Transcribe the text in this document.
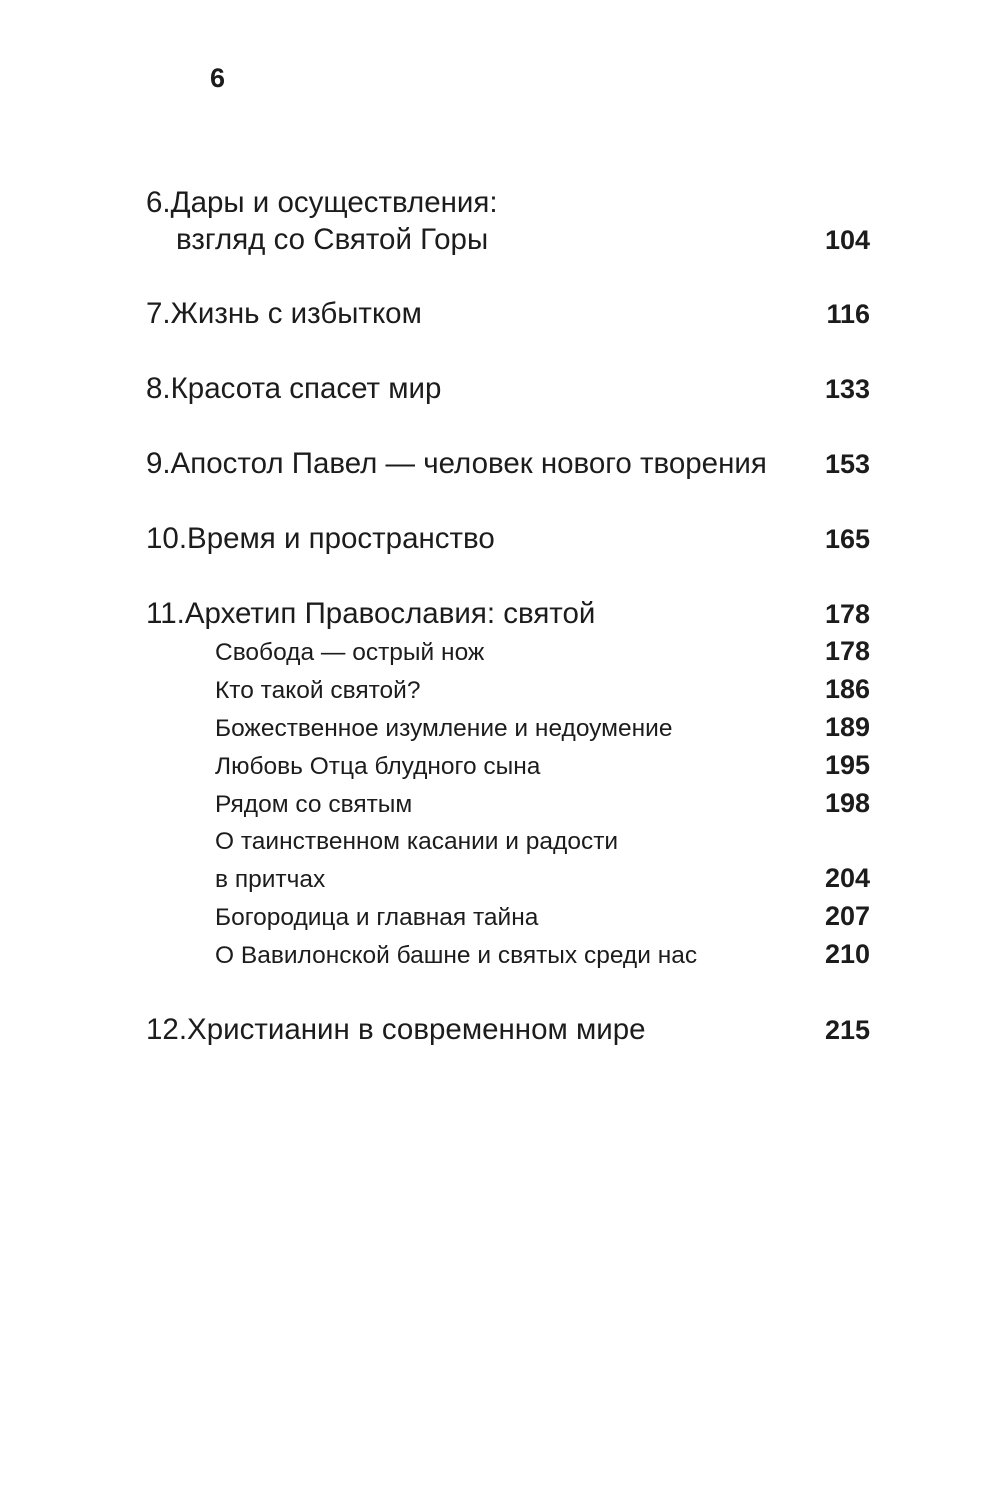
6
6. Дары и осуществления:
взгляд со Святой Горы	104
7. Жизнь с избытком	116
8. Красота спасет мир	133
9. Апостол Павел — человек нового творения	153
10. Время и пространство	165
11. Архетип Православия: святой	178
Свобода — острый нож	178
Кто такой святой?	186
Божественное изумление и недоумение	189
Любовь Отца блудного сына	195
Рядом со святым	198
О таинственном касании и радости
в притчах	204
Богородица и главная тайна	207
О Вавилонской башне и святых среди нас	210
12. Христианин в современном мире	215
